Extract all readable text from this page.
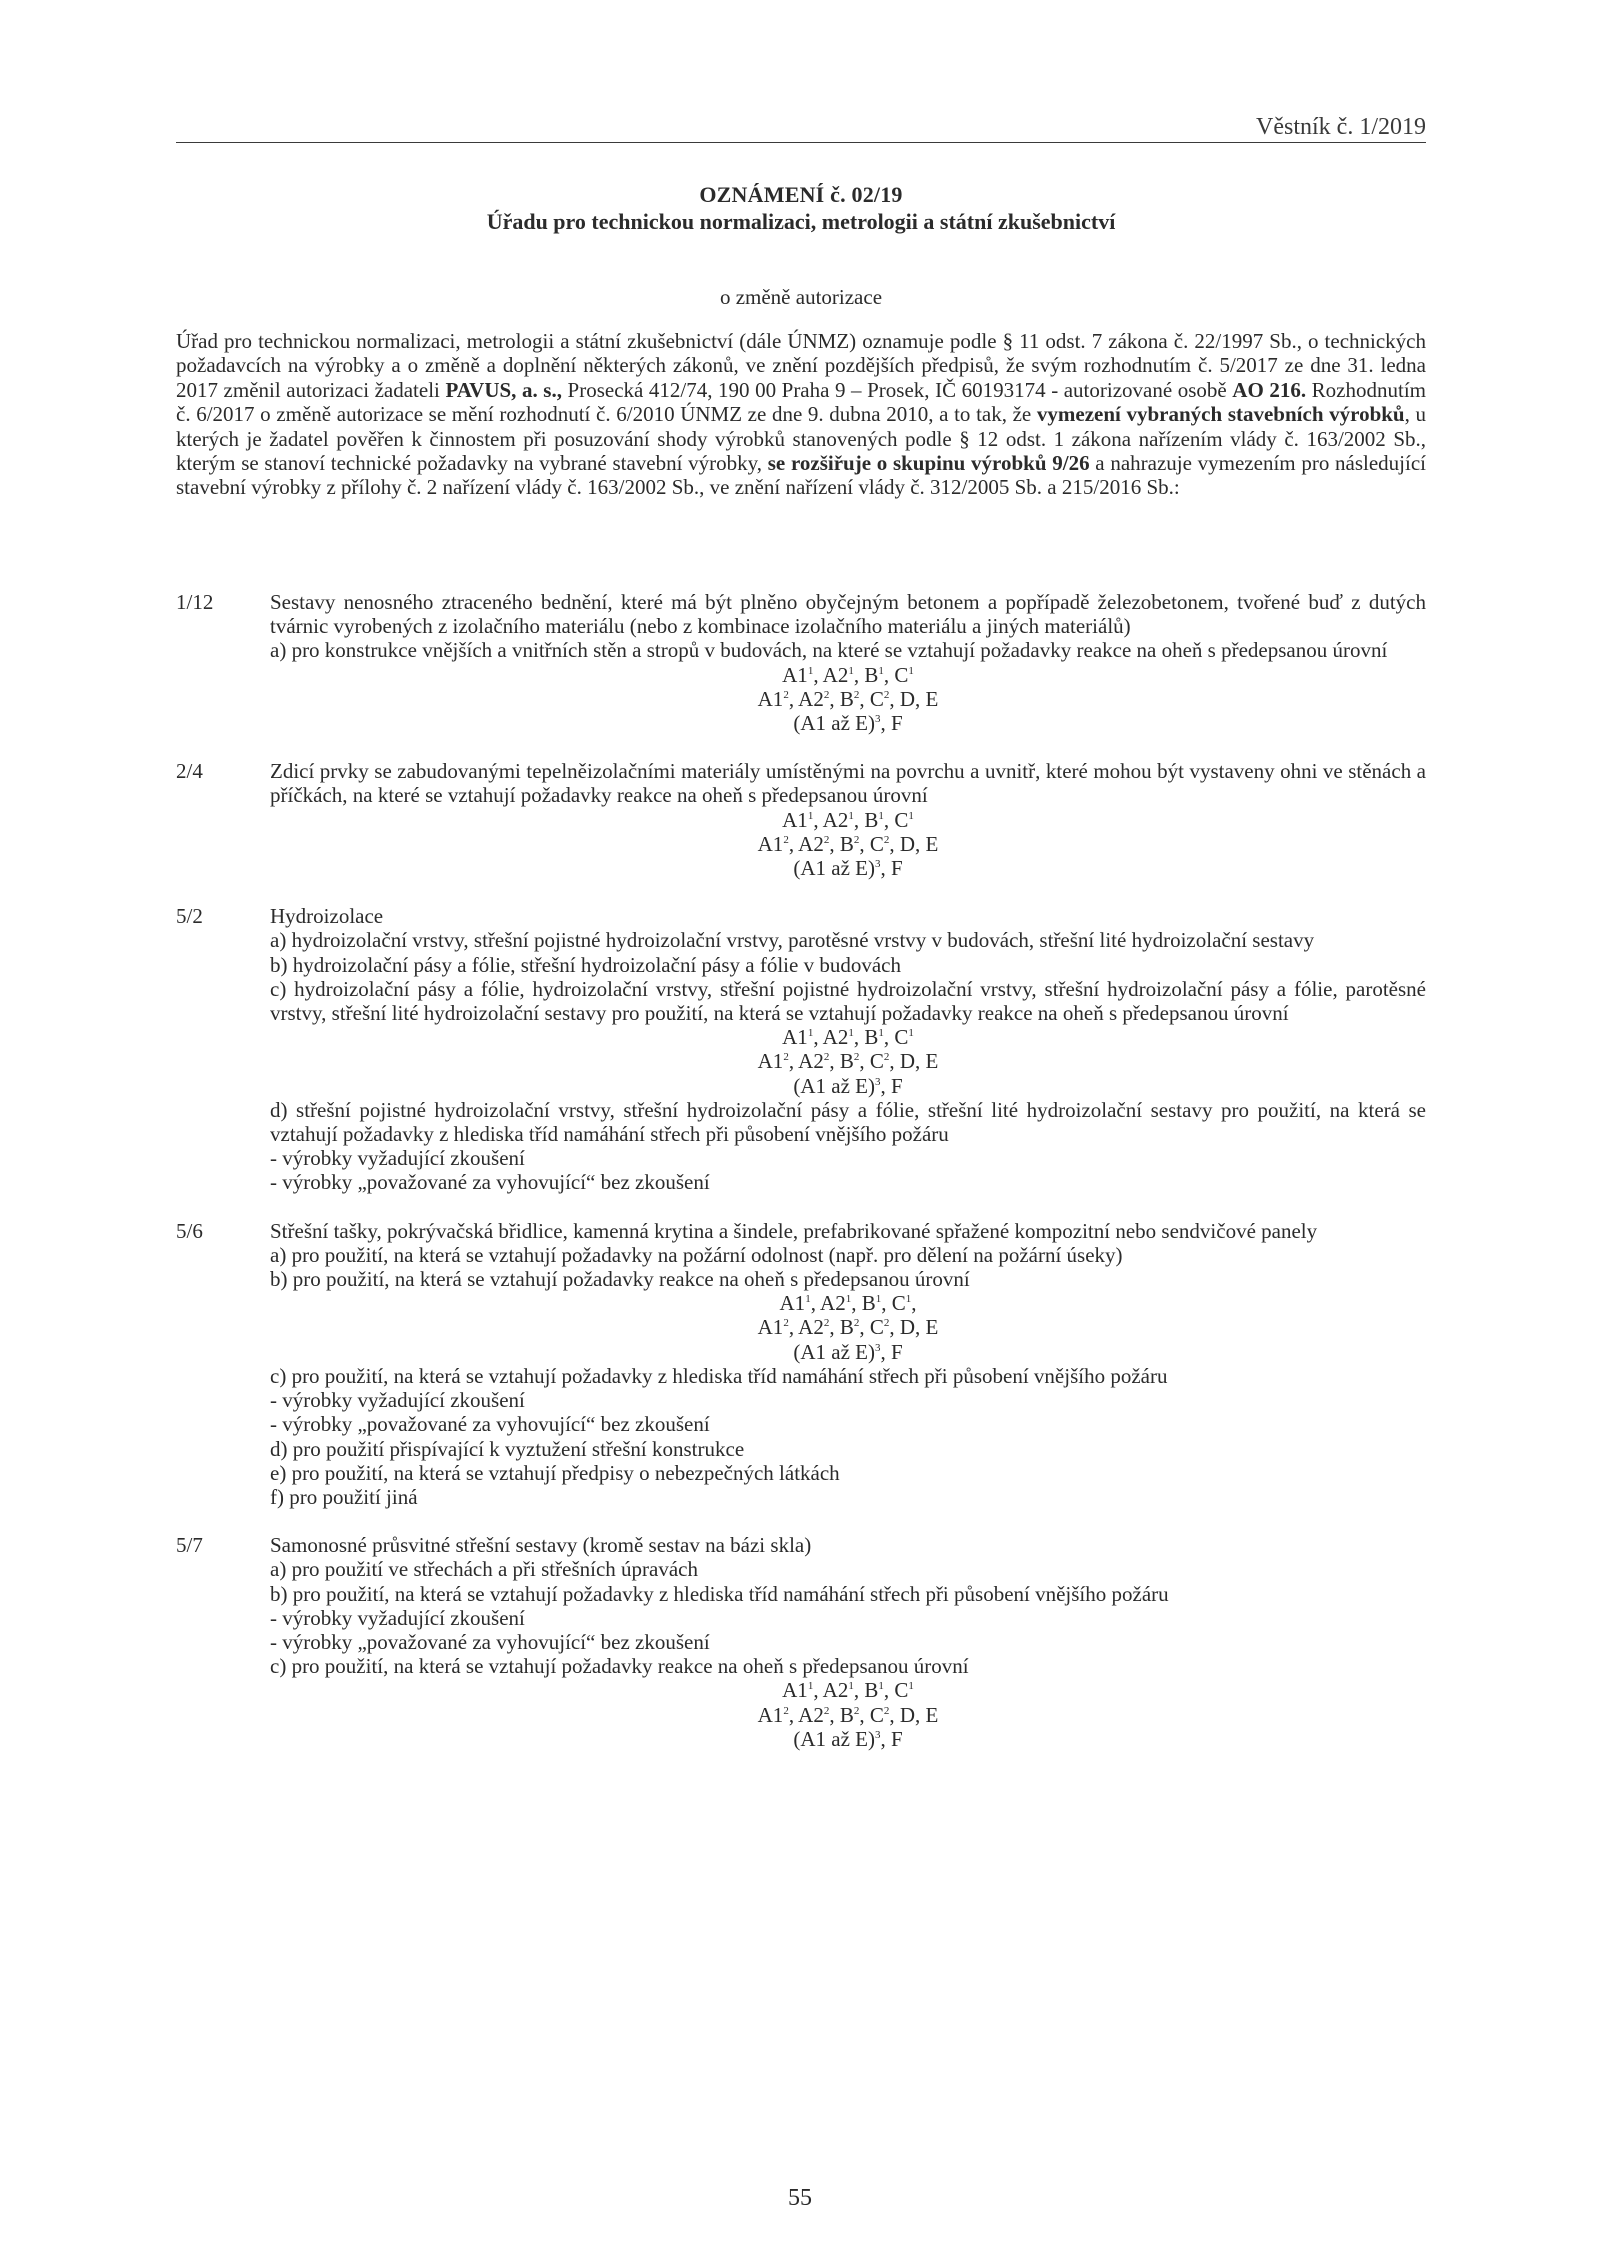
Věstník č. 1/2019
OZNÁMENÍ č. 02/19
Úřadu pro technickou normalizaci, metrologii a státní zkušebnictví
o změně autorizace
Úřad pro technickou normalizaci, metrologii a státní zkušebnictví (dále ÚNMZ) oznamuje podle § 11 odst. 7 zákona č. 22/1997 Sb., o technických požadavcích na výrobky a o změně a doplnění některých zákonů, ve znění pozdějších předpisů, že svým rozhodnutím č. 5/2017 ze dne 31. ledna 2017 změnil autorizaci žadateli PAVUS, a. s., Prosecká 412/74, 190 00 Praha 9 – Prosek, IČ 60193174 - autorizované osobě AO 216. Rozhodnutím č. 6/2017 o změně autorizace se mění rozhodnutí č. 6/2010 ÚNMZ ze dne 9. dubna 2010, a to tak, že vymezení vybraných stavebních výrobků, u kterých je žadatel pověřen k činnostem při posuzování shody výrobků stanovených podle § 12 odst. 1 zákona nařízením vlády č. 163/2002 Sb., kterým se stanoví technické požadavky na vybrané stavební výrobky, se rozšiřuje o skupinu výrobků 9/26 a nahrazuje vymezením pro následující stavební výrobky z přílohy č. 2 nařízení vlády č. 163/2002 Sb., ve znění nařízení vlády č. 312/2005 Sb. a 215/2016 Sb.:
1/12	Sestavy nenosného ztraceného bednění, které má být plněno obyčejným betonem a popřípadě železobetonem, tvořené buď z dutých tvárnic vyrobených z izolačního materiálu (nebo z kombinace izolačního materiálu a jiných materiálů)
a) pro konstrukce vnějších a vnitřních stěn a stropů v budovách, na které se vztahují požadavky reakce na oheň s předepsanou úrovní
$A1^1$, $A2^1$, $B^1$, $C^1$
$A1^2$, $A2^2$, $B^2$, $C^2$, D, E
(A1 až E)$^3$, F
2/4	Zdicí prvky se zabudovanými tepelněizolačními materiály umístěnými na povrchu a uvnitř, které mohou být vystaveny ohni ve stěnách a příčkách, na které se vztahují požadavky reakce na oheň s předepsanou úrovní
$A1^1$, $A2^1$, $B^1$, $C^1$
$A1^2$, $A2^2$, $B^2$, $C^2$, D, E
(A1 až E)$^3$, F
5/2	Hydroizolace
a) hydroizolační vrstvy, střešní pojistné hydroizolační vrstvy, parotěsné vrstvy v budovách, střešní lité hydroizolační sestavy
b) hydroizolační pásy a fólie, střešní hydroizolační pásy a fólie v budovách
c) hydroizolační pásy a fólie, hydroizolační vrstvy, střešní pojistné hydroizolační vrstvy, střešní hydroizolační pásy a fólie, parotěsné vrstvy, střešní lité hydroizolační sestavy pro použití, na která se vztahují požadavky reakce na oheň s předepsanou úrovní
$A1^1$, $A2^1$, $B^1$, $C^1$
$A1^2$, $A2^2$, $B^2$, $C^2$, D, E
(A1 až E)$^3$, F
d) střešní pojistné hydroizolační vrstvy, střešní hydroizolační pásy a fólie, střešní lité hydroizolační sestavy pro použití, na která se vztahují požadavky z hlediska tříd namáhání střech při působení vnějšího požáru
- výrobky vyžadující zkoušení
- výrobky „považované za vyhovující“ bez zkoušení
5/6	Střešní tašky, pokrývačská břidlice, kamenná krytina a šindele, prefabrikované spřažené kompozitní nebo sendvičové panely
a) pro použití, na která se vztahují požadavky na požární odolnost (např. pro dělení na požární úseky)
b) pro použití, na která se vztahují požadavky reakce na oheň s předepsanou úrovní
$A1^1$, $A2^1$, $B^1$, $C^1$,
$A1^2$, $A2^2$, $B^2$, $C^2$, D, E
(A1 až E)$^3$, F
c) pro použití, na která se vztahují požadavky z hlediska tříd namáhání střech při působení vnějšího požáru
- výrobky vyžadující zkoušení
- výrobky „považované za vyhovující“ bez zkoušení
d) pro použití přispívající k vyztužení střešní konstrukce
e) pro použití, na která se vztahují předpisy o nebezpečných látkách
f) pro použití jiná
5/7	Samonosné průsvitné střešní sestavy (kromě sestav na bázi skla)
a) pro použití ve střechách a při střešních úpravách
b) pro použití, na která se vztahují požadavky z hlediska tříd namáhání střech při působení vnějšího požáru
- výrobky vyžadující zkoušení
- výrobky „považované za vyhovující“ bez zkoušení
c) pro použití, na která se vztahují požadavky reakce na oheň s předepsanou úrovní
$A1^1$, $A2^1$, $B^1$, $C^1$
$A1^2$, $A2^2$, $B^2$, $C^2$, D, E
(A1 až E)$^3$, F
55
